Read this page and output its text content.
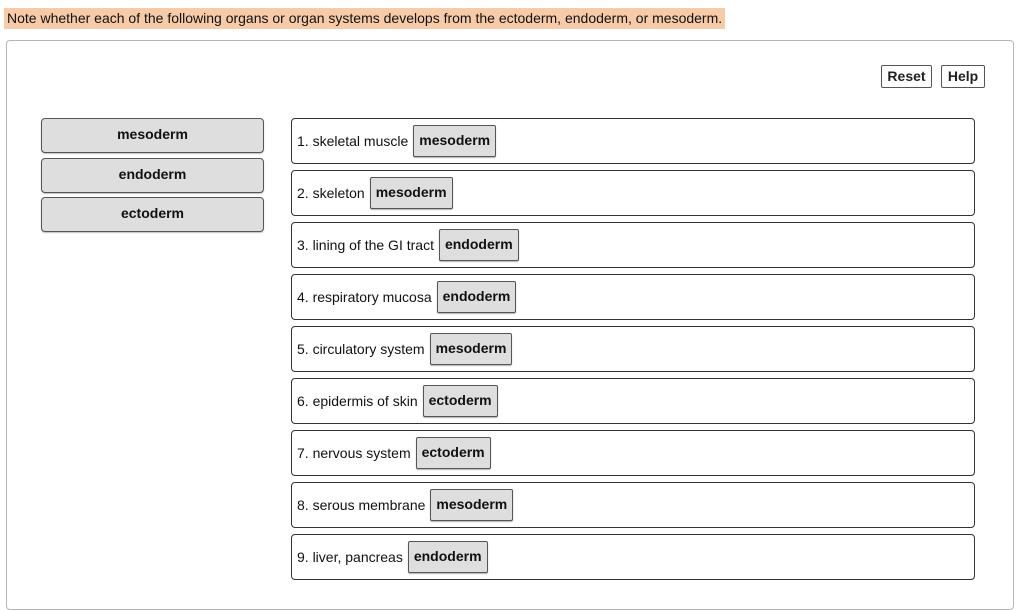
Note whether each of the following organs or organ systems develops from the ectoderm, endoderm, or mesoderm.
Reset	Help
mesoderm
endoderm
ectoderm
1. skeletal muscle mesoderm
2. skeleton mesoderm
3. lining of the GI tract endoderm
4. respiratory mucosa endoderm
5. circulatory system mesoderm
6. epidermis of skin ectoderm
7. nervous system ectoderm
8. serous membrane mesoderm
9. liver, pancreas endoderm
